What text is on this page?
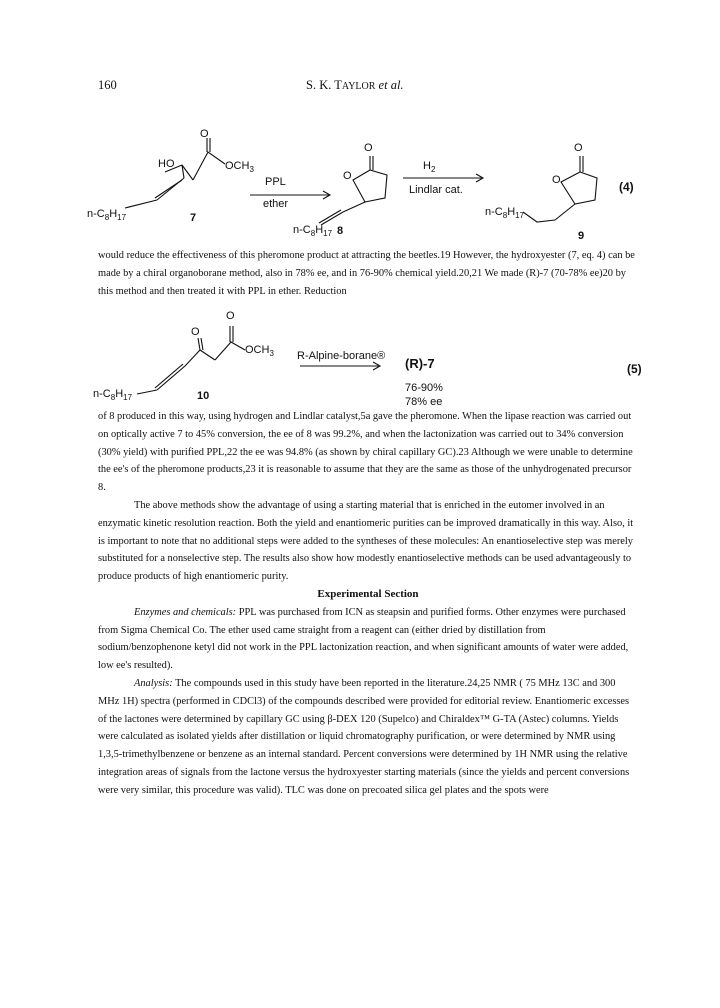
160	S. K. TAYLOR et al.
O
HO	$OCH_3$
$n-C_8H_{17}$	7
PPL
ether
O
O
$n-C_8H_{17}$ 8
$H_2$
Lindlar cat.
O
O
$n-C_8H_{17}$
9
(4)

would reduce the effectiveness of this pheromone product at attracting the beetles.19 However, the hydroxyester (7, eq. 4) can be made by a chiral organoborane method, also in 78% ee, and in 76-90% chemical yield.20,21 We made (R)-7 (70-78% ee)20 by this method and then treated it with PPL in ether. Reduction

O
O
$OCH_3$
$n-C_8H_{17}$	10
R-Alpine-borane® (R)-7
76-90%
78% ee
(5)

of 8 produced in this way, using hydrogen and Lindlar catalyst,5a gave the pheromone. When the lipase reaction was carried out on optically active 7 to 45% conversion, the ee of 8 was 99.2%, and when the lactonization was carried out to 34% conversion (30% yield) with purified PPL,22 the ee was 94.8% (as shown by chiral capillary GC).23 Although we were unable to determine the ee's of the pheromone products,23 it is reasonable to assume that they are the same as those of the unhydrogenated precursor 8.

The above methods show the advantage of using a starting material that is enriched in the eutomer involved in an enzymatic kinetic resolution reaction. Both the yield and enantiomeric purities can be improved dramatically in this way. Also, it is important to note that no additional steps were added to the syntheses of these molecules: An enantioselective step was merely substituted for a nonselective step. The results also show how modestly enantioselective methods can be used advantageously to produce products of high enantiomeric purity.

Experimental Section

Enzymes and chemicals: PPL was purchased from ICN as steapsin and purified forms. Other enzymes were purchased from Sigma Chemical Co. The ether used came straight from a reagent can (either dried by distillation from sodium/benzophenone ketyl did not work in the PPL lactonization reaction, and when significant amounts of water were added, low ee's resulted).

Analysis: The compounds used in this study have been reported in the literature.24,25 NMR ( 75 MHz 13C and 300 MHz 1H) spectra (performed in CDCl3) of the compounds described were provided for editorial review. Enantiomeric excesses of the lactones were determined by capillary GC using β-DEX 120 (Supelco) and Chiraldex™ G-TA (Astec) columns. Yields were calculated as isolated yields after distillation or liquid chromatography purification, or were determined by NMR using 1,3,5-trimethylbenzene or benzene as an internal standard. Percent conversions were determined by 1H NMR using the relative integration areas of signals from the lactone versus the hydroxyester starting materials (since the yields and percent conversions were very similar, this procedure was valid). TLC was done on precoated silica gel plates and the spots were
